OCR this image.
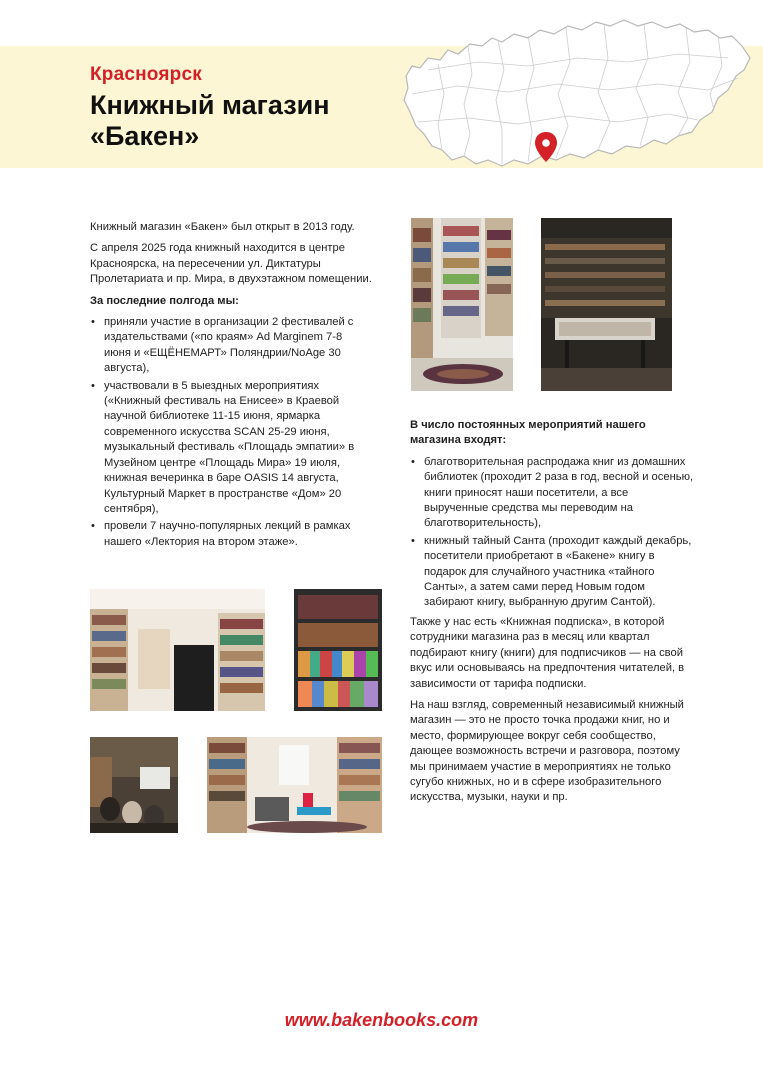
Красноярск
Книжный магазин
«Бакен»

Книжный магазин «Бакен» был открыт в 2013 году.

С апреля 2025 года книжный находится в центре Красноярска, на пересечении ул. Диктатуры Пролетариата и пр. Мира, в двухэтажном помещении.

За последние полгода мы:

• приняли участие в организации 2 фестивалей с издательствами («по краям» Ad Marginem 7-8 июня и «ЕЩЁНЕМАРТ» Поляндрии/NoAge 30 августа),
• участвовали в 5 выездных мероприятиях («Книжный фестиваль на Енисее» в Краевой научной библиотеке 11-15 июня, ярмарка современного искусства SCAN 25-29 июня, музыкальный фестиваль «Площадь эмпатии» в Музейном центре «Площадь Мира» 19 июля, книжная вечеринка в баре OASIS 14 августа, Культурный Маркет в пространстве «Дом» 20 сентября),
• провели 7 научно-популярных лекций в рамках нашего «Лектория на втором этаже».

В число постоянных мероприятий нашего магазина входят:

• благотворительная распродажа книг из домашних библиотек (проходит 2 раза в год, весной и осенью, книги приносят наши посетители, а все вырученные средства мы переводим на благотворительность),
• книжный тайный Санта (проходит каждый декабрь, посетители приобретают в «Бакене» книгу в подарок для случайного участника «тайного Санты», а затем сами перед Новым годом забирают книгу, выбранную другим Сантой).

Также у нас есть «Книжная подписка», в которой сотрудники магазина раз в месяц или квартал подбирают книгу (книги) для подписчиков — на свой вкус или основываясь на предпочтения читателей, в зависимости от тарифа подписки.

На наш взгляд, современный независимый книжный магазин — это не просто точка продажи книг, но и место, формирующее вокруг себя сообщество, дающее возможность встречи и разговора, поэтому мы принимаем участие в мероприятиях не только сугубо книжных, но и в сфере изобразительного искусства, музыки, науки и пр.

www.bakenbooks.com
